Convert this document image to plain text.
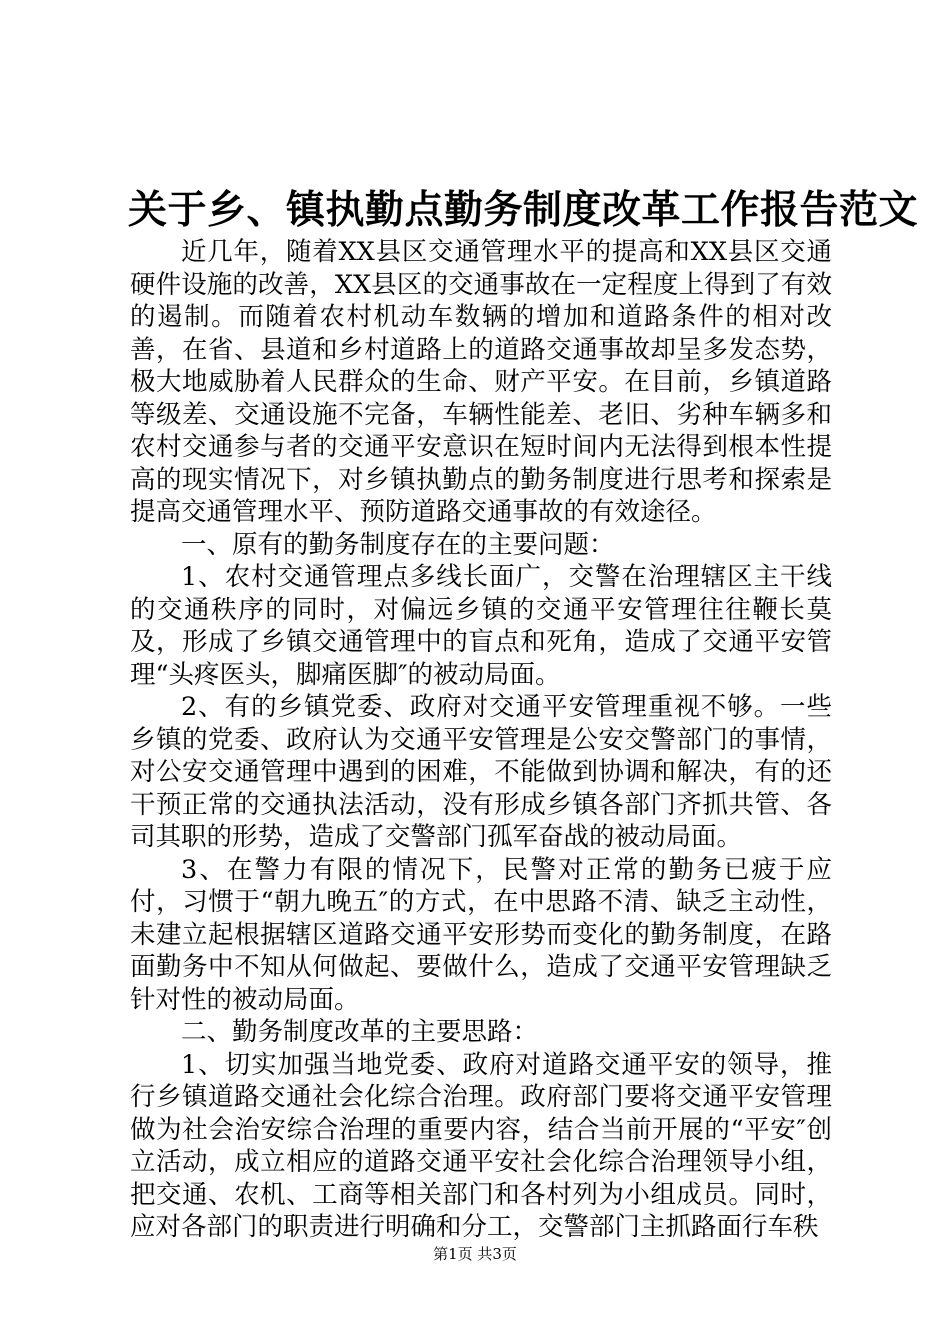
关于乡、镇执勤点勤务制度改革工作报告范文

近几年，随着XX县区交通管理水平的提高和XX县区交通硬件设施的改善，XX县区的交通事故在一定程度上得到了有效的遏制。而随着农村机动车数辆的增加和道路条件的相对改善，在省、县道和乡村道路上的道路交通事故却呈多发态势，极大地威胁着人民群众的生命、财产平安。在目前，乡镇道路等级差、交通设施不完备，车辆性能差、老旧、劣种车辆多和农村交通参与者的交通平安意识在短时间内无法得到根本性提高的现实情况下，对乡镇执勤点的勤务制度进行思考和探索是提高交通管理水平、预防道路交通事故的有效途径。

一、原有的勤务制度存在的主要问题：

1、农村交通管理点多线长面广，交警在治理辖区主干线的交通秩序的同时，对偏远乡镇的交通平安管理往往鞭长莫及，形成了乡镇交通管理中的盲点和死角，造成了交通平安管理“头疼医头，脚痛医脚″的被动局面。

2、有的乡镇党委、政府对交通平安管理重视不够。一些乡镇的党委、政府认为交通平安管理是公安交警部门的事情，对公安交通管理中遇到的困难，不能做到协调和解决，有的还干预正常的交通执法活动，没有形成乡镇各部门齐抓共管、各司其职的形势，造成了交警部门孤军奋战的被动局面。

3、在警力有限的情况下，民警对正常的勤务已疲于应付，习惯于“朝九晚五″的方式，在中思路不清、缺乏主动性，未建立起根据辖区道路交通平安形势而变化的勤务制度，在路面勤务中不知从何做起、要做什么，造成了交通平安管理缺乏针对性的被动局面。

二、勤务制度改革的主要思路：

1、切实加强当地党委、政府对道路交通平安的领导，推行乡镇道路交通社会化综合治理。政府部门要将交通平安管理做为社会治安综合治理的重要内容，结合当前开展的“平安″创立活动，成立相应的道路交通平安社会化综合治理领导小组，把交通、农机、工商等相关部门和各村列为小组成员。同时，应对各部门的职责进行明确和分工，交警部门主抓路面行车秩

第1页 共3页
